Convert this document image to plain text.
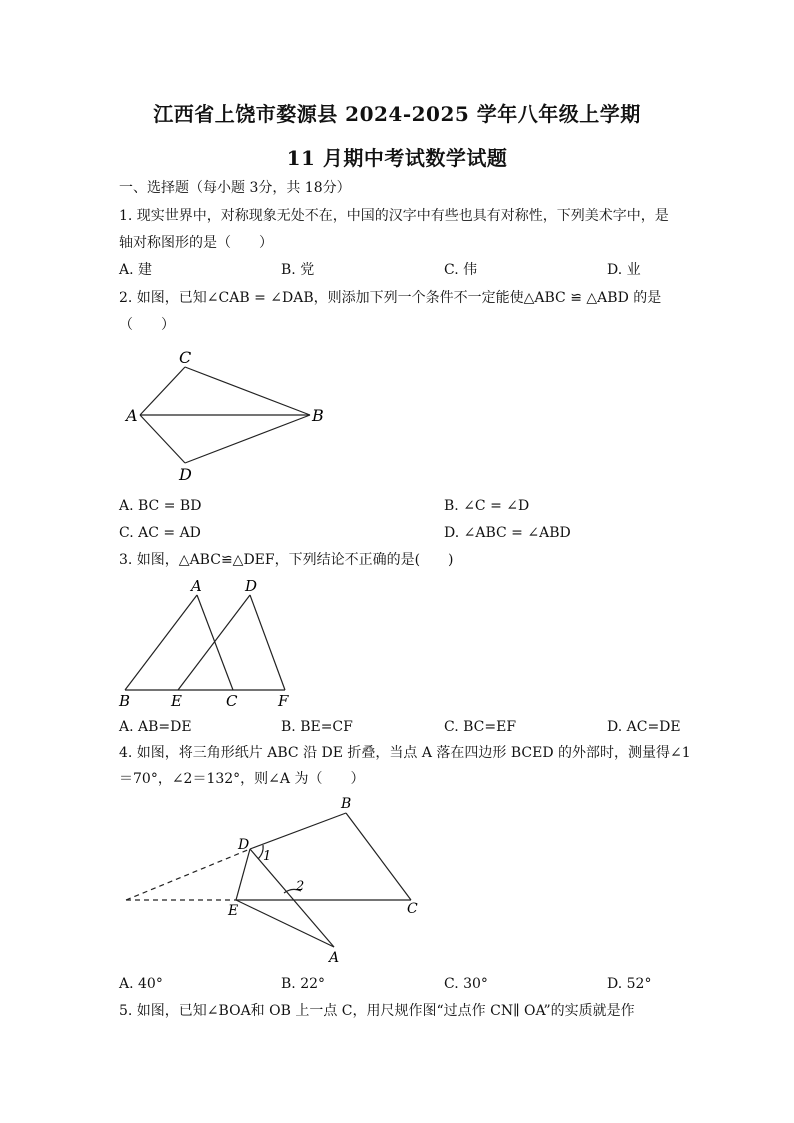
江西省上饶市婺源县 2024-2025 学年八年级上学期
11 月期中考试数学试题
一、选择题（每小题 3分，共 18分）
1. 现实世界中，对称现象无处不在，中国的汉字中有些也具有对称性，下列美术字中，是
轴对称图形的是（　　）
A. 建	B. 党	C. 伟	D. 业
2. 如图，已知∠CAB = ∠DAB，则添加下列一个条件不一定能使△ABC ≌ △ABD 的是
（　　）
C
A	B
D
A. BC = BD	B. ∠C = ∠D
C. AC = AD	D. ∠ABC = ∠ABD
3. 如图，△ABC≌△DEF，下列结论不正确的是(　　)
A	D
B	E	C	F
A. AB=DE	B. BE=CF	C. BC=EF	D. AC=DE
4. 如图，将三角形纸片 ABC 沿 DE 折叠，当点 A 落在四边形 BCED 的外部时，测量得∠1
＝70°，∠2＝132°，则∠A 为（　　）
B
D
1
2
E	C
A
A. 40°	B. 22°	C. 30°	D. 52°
5. 如图，已知∠BOA和 OB 上一点 C，用尺规作图“过点作 CN∥ OA”的实质就是作
